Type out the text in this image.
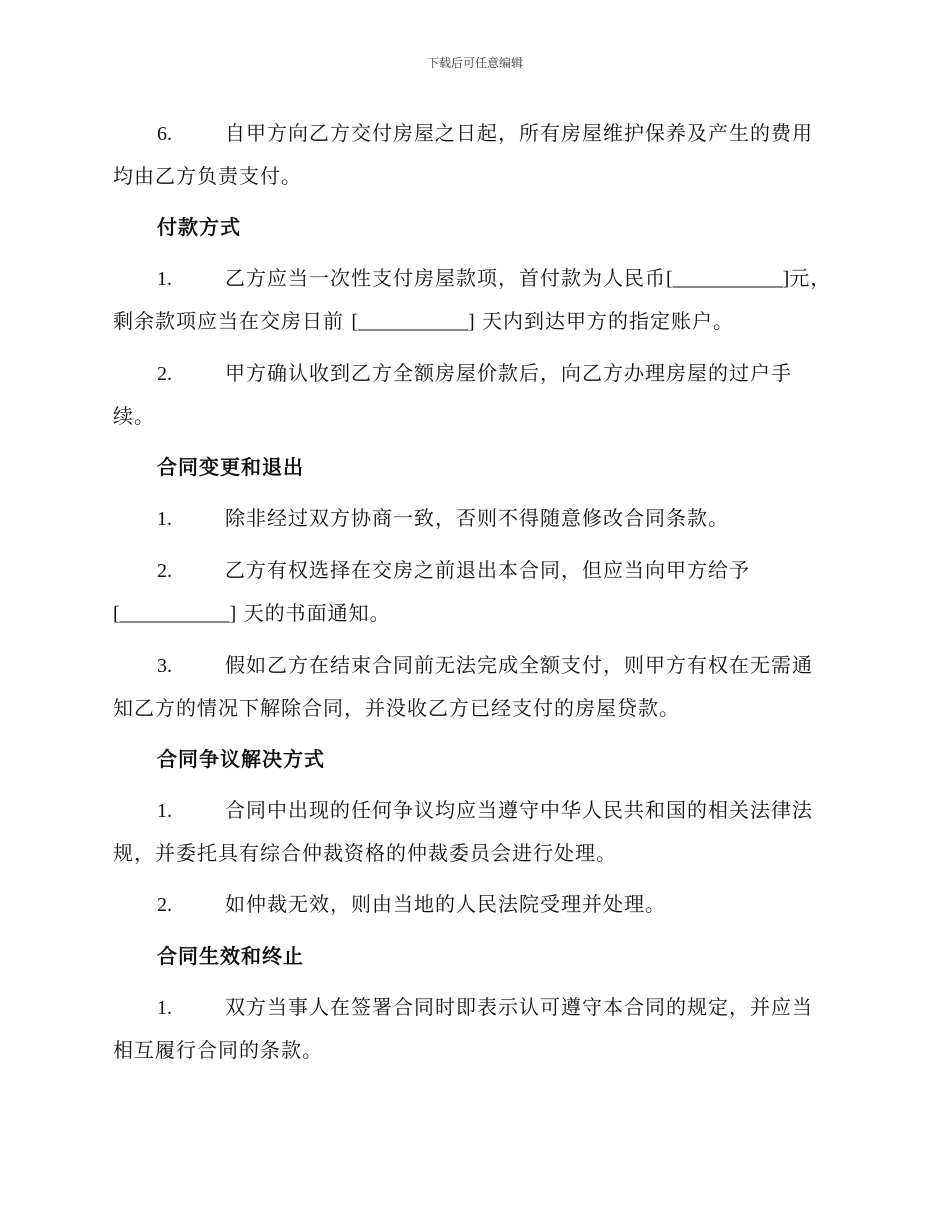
下载后可任意编辑

6.	自甲方向乙方交付房屋之日起，所有房屋维护保养及产生的费用均由乙方负责支付。

付款方式

1.	乙方应当一次性支付房屋款项，首付款为人民币[___________]元，剩余款项应当在交房日前 [___________] 天内到达甲方的指定账户。

2.	甲方确认收到乙方全额房屋价款后，向乙方办理房屋的过户手续。

合同变更和退出

1.	除非经过双方协商一致，否则不得随意修改合同条款。

2.	乙方有权选择在交房之前退出本合同，但应当向甲方给予
[___________] 天的书面通知。

3.	假如乙方在结束合同前无法完成全额支付，则甲方有权在无需通知乙方的情况下解除合同，并没收乙方已经支付的房屋贷款。

合同争议解决方式

1.	合同中出现的任何争议均应当遵守中华人民共和国的相关法律法规，并委托具有综合仲裁资格的仲裁委员会进行处理。

2.	如仲裁无效，则由当地的人民法院受理并处理。

合同生效和终止

1.	双方当事人在签署合同时即表示认可遵守本合同的规定，并应当相互履行合同的条款。
